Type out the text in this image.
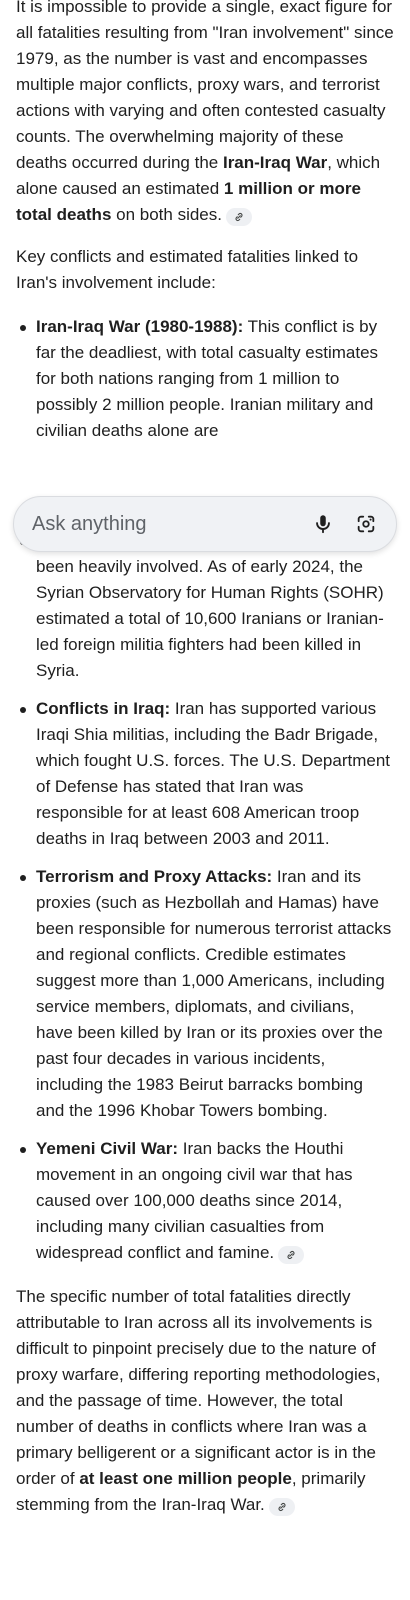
It is impossible to provide a single, exact figure for all fatalities resulting from "Iran involvement" since 1979, as the number is vast and encompasses multiple major conflicts, proxy wars, and terrorist actions with varying and often contested casualty counts. The overwhelming majority of these deaths occurred during the Iran-Iraq War, which alone caused an estimated 1 million or more total deaths on both sides.

Key conflicts and estimated fatalities linked to Iran's involvement include:

Iran-Iraq War (1980-1988): This conflict is by far the deadliest, with total casualty estimates for both nations ranging from 1 million to possibly 2 million people. Iranian military and civilian deaths alone are
been heavily involved. As of early 2024, the Syrian Observatory for Human Rights (SOHR) estimated a total of 10,600 Iranians or Iranian-led foreign militia fighters had been killed in Syria.
Conflicts in Iraq: Iran has supported various Iraqi Shia militias, including the Badr Brigade, which fought U.S. forces. The U.S. Department of Defense has stated that Iran was responsible for at least 608 American troop deaths in Iraq between 2003 and 2011.
Terrorism and Proxy Attacks: Iran and its proxies (such as Hezbollah and Hamas) have been responsible for numerous terrorist attacks and regional conflicts. Credible estimates suggest more than 1,000 Americans, including service members, diplomats, and civilians, have been killed by Iran or its proxies over the past four decades in various incidents, including the 1983 Beirut barracks bombing and the 1996 Khobar Towers bombing.
Yemeni Civil War: Iran backs the Houthi movement in an ongoing civil war that has caused over 100,000 deaths since 2014, including many civilian casualties from widespread conflict and famine.

The specific number of total fatalities directly attributable to Iran across all its involvements is difficult to pinpoint precisely due to the nature of proxy warfare, differing reporting methodologies, and the passage of time. However, the total number of deaths in conflicts where Iran was a primary belligerent or a significant actor is in the order of at least one million people, primarily stemming from the Iran-Iraq War.

Ask anything
